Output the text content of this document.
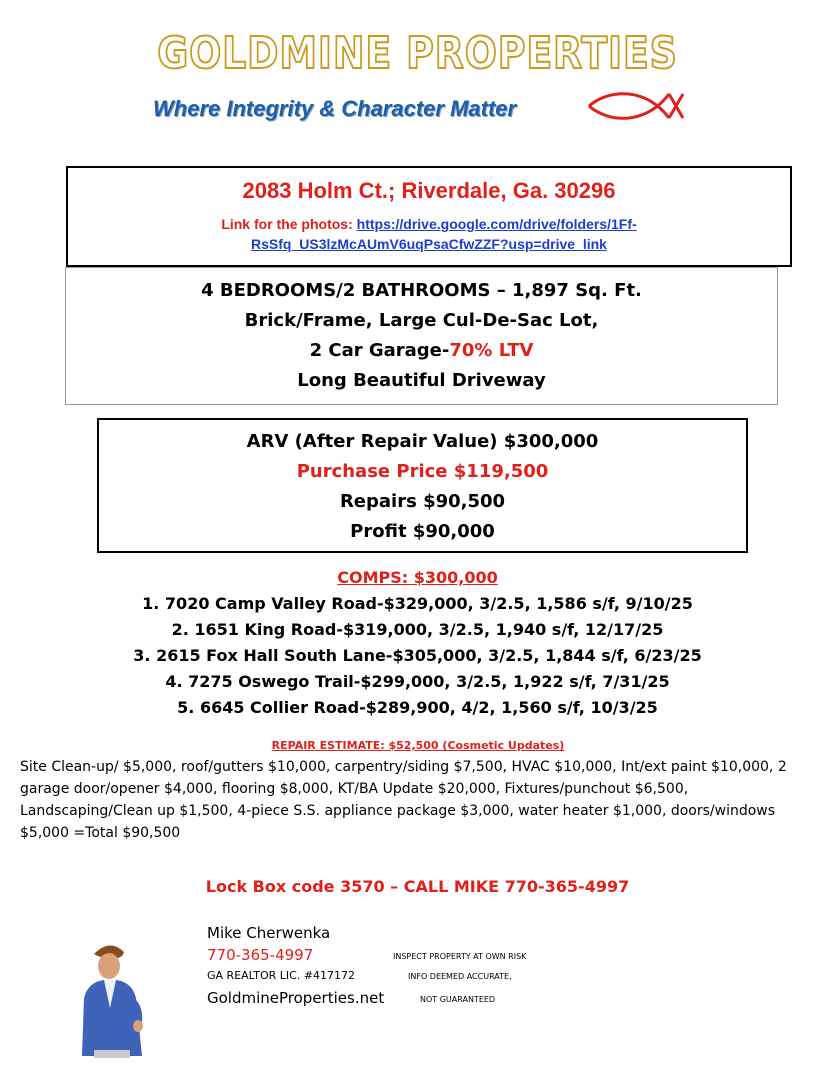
GOLDMINE PROPERTIES
Where Integrity & Character Matter
2083 Holm Ct.; Riverdale, Ga. 30296
Link for the photos: https://drive.google.com/drive/folders/1Ff-
RsSfq_US3lzMcAUmV6uqPsaCfwZZF?usp=drive_link
4 BEDROOMS/2 BATHROOMS – 1,897 Sq. Ft.
Brick/Frame, Large Cul-De-Sac Lot,
2 Car Garage-70% LTV
Long Beautiful Driveway
ARV (After Repair Value) $300,000
Purchase Price $119,500
Repairs $90,500
Profit $90,000
COMPS: $300,000
1. 7020 Camp Valley Road-$329,000, 3/2.5, 1,586 s/f, 9/10/25
2. 1651 King Road-$319,000, 3/2.5, 1,940 s/f, 12/17/25
3. 2615 Fox Hall South Lane-$305,000, 3/2.5, 1,844 s/f, 6/23/25
4. 7275 Oswego Trail-$299,000, 3/2.5, 1,922 s/f, 7/31/25
5. 6645 Collier Road-$289,900, 4/2, 1,560 s/f, 10/3/25
REPAIR ESTIMATE: $52,500 (Cosmetic Updates)
Site Clean-up/ $5,000, roof/gutters $10,000, carpentry/siding $7,500, HVAC $10,000, Int/ext paint $10,000, 2 garage door/opener $4,000, flooring $8,000, KT/BA Update $20,000, Fixtures/punchout $6,500, Landscaping/Clean up $1,500, 4-piece S.S. appliance package $3,000, water heater $1,000, doors/windows $5,000 =Total $90,500
Lock Box code 3570 – CALL MIKE 770-365-4997
Mike Cherwenka
770-365-4997
GA REALTOR LIC. #417172
GoldmineProperties.net
INSPECT PROPERTY AT OWN RISK
INFO DEEMED ACCURATE,
NOT GUARANTEED
